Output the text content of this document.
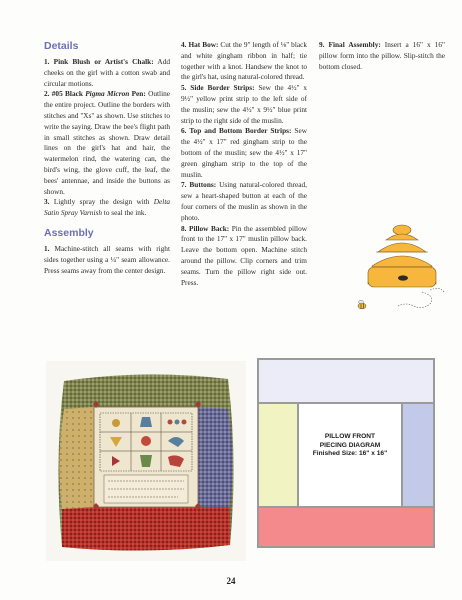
Details

1. Pink Blush or Artist's Chalk: Add cheeks on the girl with a cotton swab and circular motions.

2. #05 Black Pigma Micron Pen: Outline the entire project. Outline the borders with stitches and "Xs" as shown. Use stitches to write the saying. Draw the bee's flight path in small stitches as shown. Draw detail lines on the girl's hat and hair, the watermelon rind, the watering can, the bird's wing, the glove cuff, the leaf, the bees' antennae, and inside the buttons as shown.

3. Lightly spray the design with Delta Satin Spray Varnish to seal the ink.

Assembly

1. Machine-stitch all seams with right sides together using a ¼" seam allowance. Press seams away from the center design.

4. Hat Bow: Cut the 9" length of ⅛" black and white gingham ribbon in half; tie together with a knot. Handsew the knot to the girl's hat, using natural-colored thread.

5. Side Border Strips: Sew the 4½" x 9½" yellow print strip to the left side of the muslin; sew the 4½" x 9½" blue print strip to the right side of the muslin.

6. Top and Bottom Border Strips: Sew the 4½" x 17" red gingham strip to the bottom of the muslin; sew the 4½" x 17" green gingham strip to the top of the muslin.

7. Buttons: Using natural-colored thread, sew a heart-shaped button at each of the four corners of the muslin as shown in the photo.

8. Pillow Back: Pin the assembled pillow front to the 17" x 17" muslin pillow back. Leave the bottom open. Machine stitch around the pillow. Clip corners and trim seams. Turn the pillow right side out. Press.

9. Final Assembly: Insert a 16" x 16" pillow form into the pillow. Slip-stitch the bottom closed.

PILLOW FRONT
PIECING DIAGRAM
Finished Size: 16" x 16"
24
